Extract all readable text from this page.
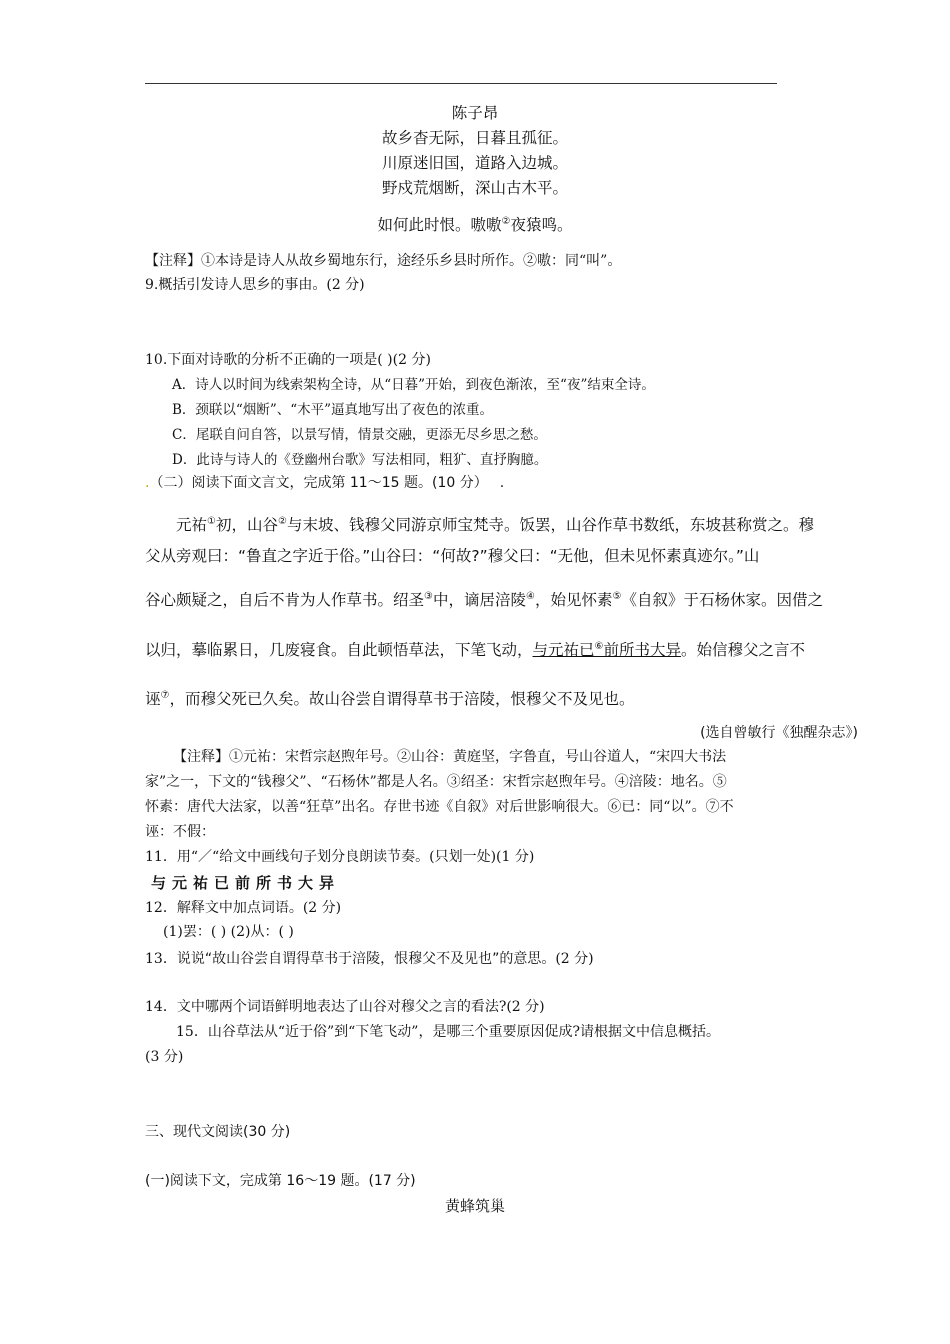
陈子昂
故乡杳无际，日暮且孤征。
川原迷旧国，道路入边城。
野戍荒烟断，深山古木平。
如何此时恨。嗷嗷②夜猿鸣。
【注释】①本诗是诗人从故乡蜀地东行，途经乐乡县时所作。②嗷：同“叫”。
9.概括引发诗人思乡的事由。(2 分)
10.下面对诗歌的分析不正确的一项是( )(2 分)
A．诗人以时间为线索架构全诗，从“日暮”开始，到夜色渐浓，至“夜”结束全诗。
B．颈联以“烟断”、“木平”逼真地写出了夜色的浓重。
C．尾联自问自答，以景写情，情景交融，更添无尽乡思之愁。
D．此诗与诗人的《登幽州台歌》写法相同，粗犷、直抒胸臆。
.（二）阅读下面文言文，完成第 11～15 题。(10 分） .
元祐①初，山谷②与末坡、钱穆父同游京师宝梵寺。饭罢，山谷作草书数纸，东坡甚称赏之。穆
父从旁观曰：“鲁直之字近于俗。”山谷曰：“何故?”穆父曰：“无他，但未见怀素真迹尔。”山
谷心颇疑之，自后不肯为人作草书。绍圣③中，谪居涪陵④，始见怀素⑤《自叙》于石杨休家。因借之
以归，摹临累日，几废寝食。自此顿悟草法，下笔飞动，与元祐已⑥前所书大异。始信穆父之言不
诬⑦，而穆父死已久矣。故山谷尝自谓得草书于涪陵，恨穆父不及见也。
(选自曾敏行《独醒杂志》)
【注释】①元祐：宋哲宗赵煦年号。②山谷：黄庭坚，字鲁直，号山谷道人，“宋四大书法
家”之一，下文的“钱穆父”、“石杨休”都是人名。③绍圣：宋哲宗赵煦年号。④涪陵：地名。⑤
怀素：唐代大法家，以善“狂草”出名。存世书迹《自叙》对后世影响很大。⑥已：同“以”。⑦不
诬：不假：
11．用“／“给文中画线句子划分良朗读节奏。(只划一处)(1 分)
与元祐已前所书大异
12．解释文中加点词语。(2 分)
(1)罢：( ) (2)从：( )
13．说说“故山谷尝自谓得草书于涪陵，恨穆父不及见也”的意思。(2 分)
14．文中哪两个词语鲜明地表达了山谷对穆父之言的看法?(2 分)
15．山谷草法从“近于俗”到“下笔飞动”，是哪三个重要原因促成?请根据文中信息概括。
(3 分)
三、现代文阅读(30 分)
(一)阅读下文，完成第 16～19 题。(17 分)
黄蜂筑巢
